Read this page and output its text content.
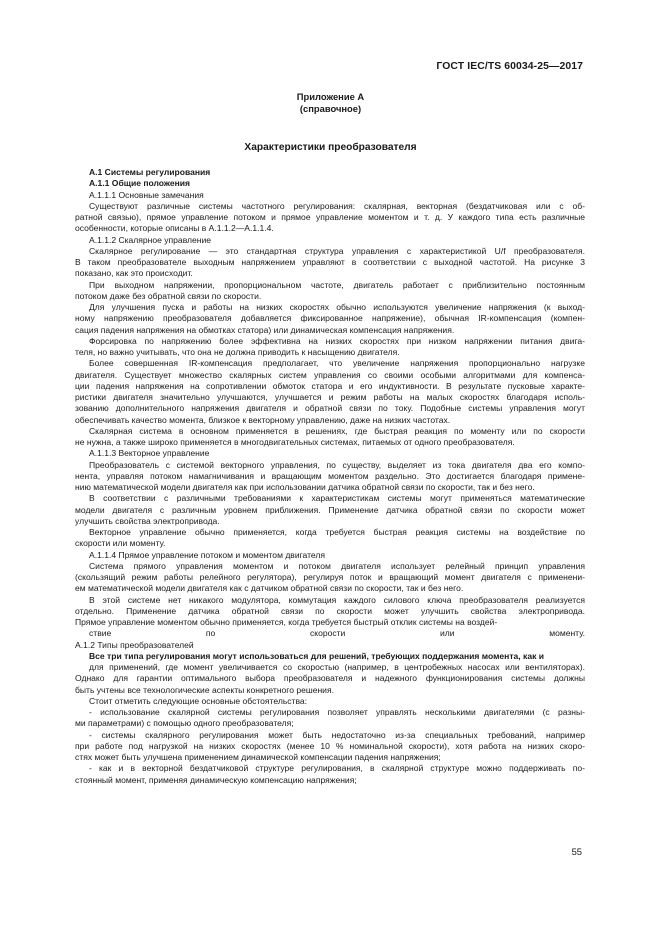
ГОСТ IEC/TS 60034-25—2017
Приложение А
(справочное)
Характеристики преобразователя

А.1 Системы регулирования

А.1.1 Общие положения

А.1.1.1 Основные замечания

Существуют различные системы частотного регулирования: скалярная, векторная (бездатчиковая или с об-

ратной связью), прямое управление потоком и прямое управление моментом и т. д. У каждого типа есть различные

особенности, которые описаны в А.1.1.2—А.1.1.4.

А.1.1.2 Скалярное управление

Скалярное регулирование — это стандартная структура управления с характеристикой U/f преобразователя.

В таком преобразователе выходным напряжением управляют в соответствии с выходной частотой. На рисунке 3

показано, как это происходит.

При выходном напряжении, пропорциональном частоте, двигатель работает с приблизительно постоянным

потоком даже без обратной связи по скорости.

Для улучшения пуска и работы на низких скоростях обычно используются увеличение напряжения (к выход-

ному напряжению преобразователя добавляется фиксированное напряжение), обычная IR-компенсация (компен-

сация падения напряжения на обмотках статора) или динамическая компенсация напряжения.

Форсировка по напряжению более эффективна на низких скоростях при низком напряжении питания двига-

теля, но важно учитывать, что она не должна приводить к насыщению двигателя.

Более совершенная IR-компенсация предполагает, что увеличение напряжения пропорционально нагрузке

двигателя. Существует множество скалярных систем управления со своими особыми алгоритмами для компенса-

ции падения напряжения на сопротивлении обмоток статора и его индуктивности. В результате пусковые характе-

ристики двигателя значительно улучшаются, улучшается и режим работы на малых скоростях благодаря исполь-

зованию дополнительного напряжения двигателя и обратной связи по току. Подобные системы управления могут

обеспечивать качество момента, близкое к векторному управлению, даже на низких частотах.

Скалярная система в основном применяется в решениях, где быстрая реакция по моменту или по скорости

не нужна, а также широко применяется в многодвигательных системах, питаемых от одного преобразователя.

А.1.1.3 Векторное управление

Преобразователь с системой векторного управления, по существу, выделяет из тока двигателя два его компо-

нента, управляя потоком намагничивания и вращающим моментом раздельно. Это достигается благодаря примене-

нию математической модели двигателя как при использовании датчика обратной связи по скорости, так и без него.

В соответствии с различными требованиями к характеристикам системы могут применяться математические

модели двигателя с различным уровнем приближения. Применение датчика обратной связи по скорости может

улучшить свойства электропривода.

Векторное управление обычно применяется, когда требуется быстрая реакция системы на воздействие по

скорости или моменту.

А.1.1.4 Прямое управление потоком и моментом двигателя

Система прямого управления моментом и потоком двигателя использует релейный принцип управления

(скользящий режим работы релейного регулятора), регулируя поток и вращающий момент двигателя с применени-

ем математической модели двигателя как с датчиком обратной связи по скорости, так и без него.

В этой системе нет никакого модулятора, коммутация каждого силового ключа преобразователя реализуется

отдельно. Применение датчика обратной связи по скорости может улучшить свойства электропривода.

Прямое управление моментом обычно применяется, когда требуется быстрый отклик системы на воздей-

ствие по скорости или моменту.

А.1.2 Типы преобразователей

Все три типа регулирования могут использоваться для решений, требующих поддержания момента, как и

для применений, где момент увеличивается со скоростью (например, в центробежных насосах или вентиляторах).

Однако для гарантии оптимального выбора преобразователя и надежного функционирования системы должны

быть учтены все технологические аспекты конкретного решения.

Стоит отметить следующие основные обстоятельства:

- использование скалярной системы регулирования позволяет управлять несколькими двигателями (с разны-

ми параметрами) с помощью одного преобразователя;

- системы скалярного регулирования может быть недостаточно из-за специальных требований, например

при работе под нагрузкой на низких скоростях (менее 10 % номинальной скорости), хотя работа на низких скоро-

стях может быть улучшена применением динамической компенсации падения напряжения;

- как и в векторной бездатчиковой структуре регулирования, в скалярной структуре можно поддерживать по-

стоянный момент, применяя динамическую компенсацию напряжения;

55
